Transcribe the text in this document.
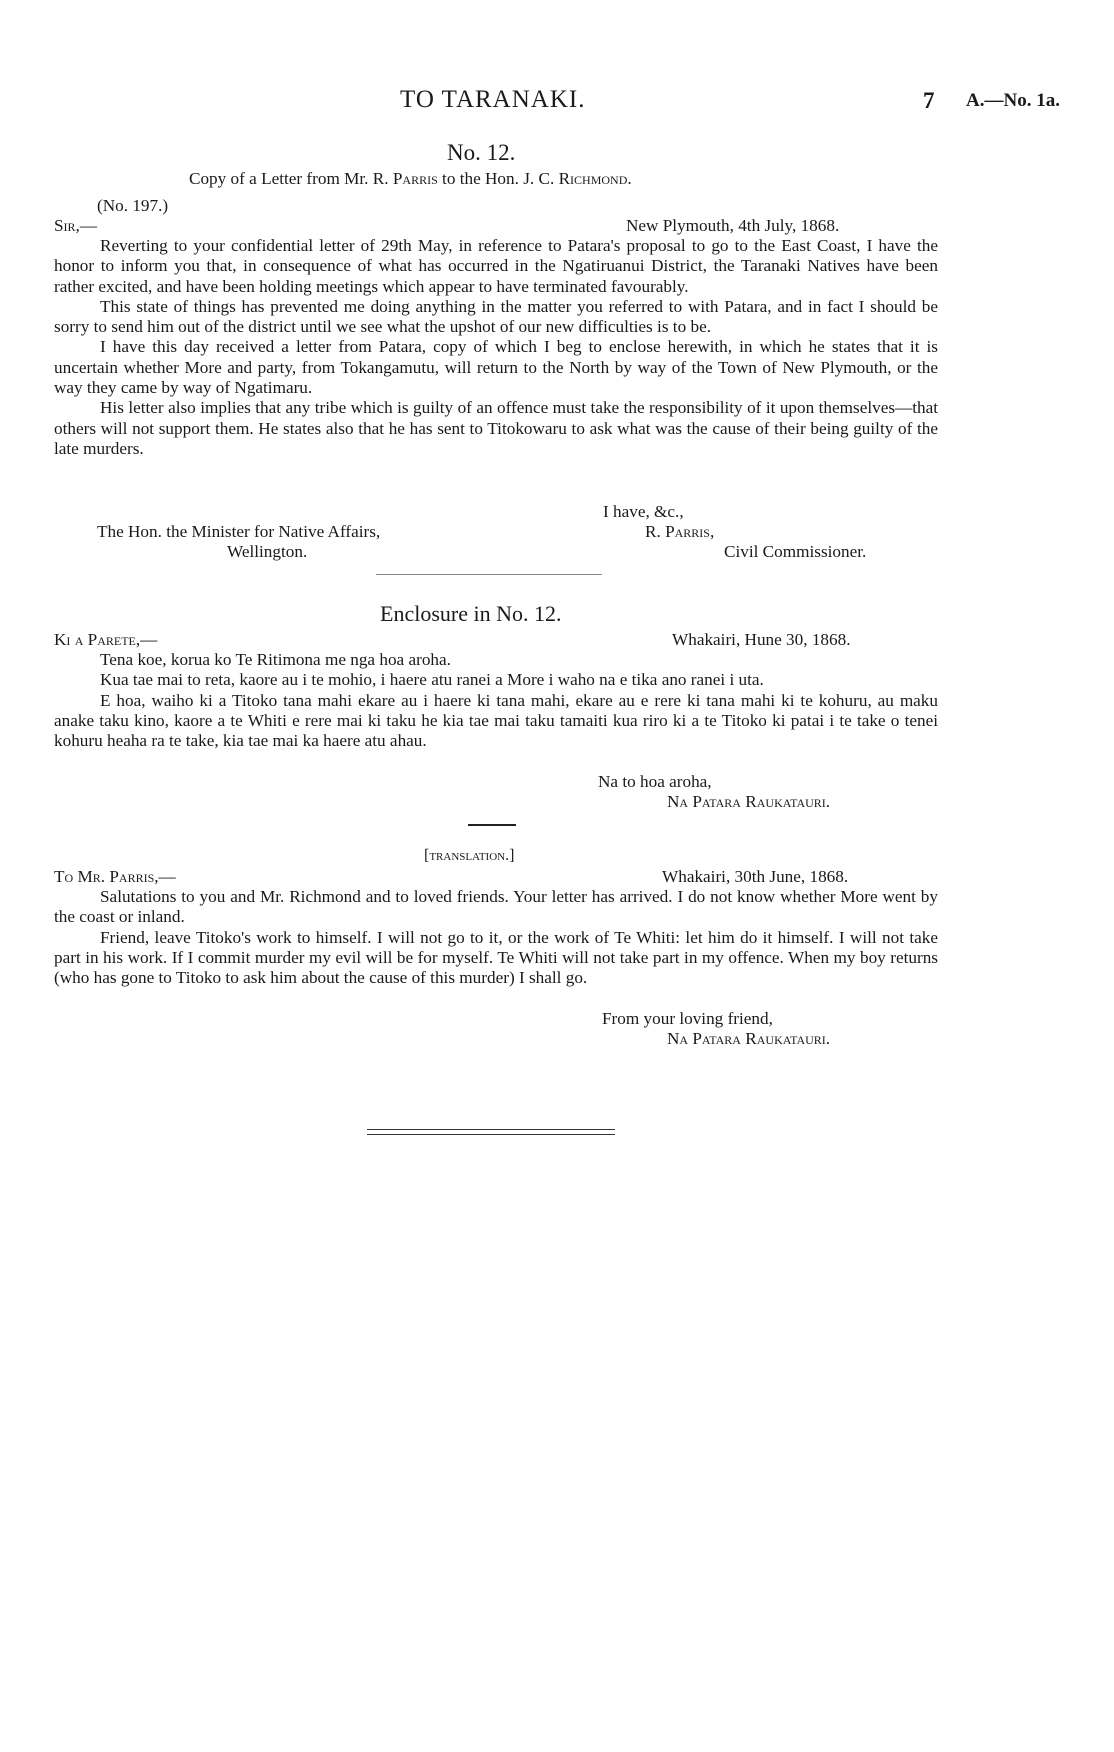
TO TARANAKI.	7 A.—No. 1a.
No. 12.
Copy of a Letter from Mr. R. Parris to the Hon. J. C. Richmond.
(No. 197.)
Sir,—	New Plymouth, 4th July, 1868.

Reverting to your confidential letter of 29th May, in reference to Patara's proposal to go to the East Coast, I have the honor to inform you that, in consequence of what has occurred in the Ngatiruanui District, the Taranaki Natives have been rather excited, and have been holding meetings which appear to have terminated favourably.

This state of things has prevented me doing anything in the matter you referred to with Patara, and in fact I should be sorry to send him out of the district until we see what the upshot of our new difficulties is to be.

I have this day received a letter from Patara, copy of which I beg to enclose herewith, in which he states that it is uncertain whether More and party, from Tokangamutu, will return to the North by way of the Town of New Plymouth, or the way they came by way of Ngatimaru.

His letter also implies that any tribe which is guilty of an offence must take the responsibility of it upon themselves—that others will not support them. He states also that he has sent to Titokowaru to ask what was the cause of their being guilty of the late murders.

I have, &c.,
The Hon. the Minister for Native Affairs,	R. Parris,
Wellington.	Civil Commissioner.
Enclosure in No. 12.
Ki a Parete,—	Whakairi, Hune 30, 1868.

Tena koe, korua ko Te Ritimona me nga hoa aroha.

Kua tae mai to reta, kaore au i te mohio, i haere atu ranei a More i waho na e tika ano ranei i uta.

E hoa, waiho ki a Titoko tana mahi ekare au i haere ki tana mahi, ekare au e rere ki tana mahi ki te kohuru, au maku anake taku kino, kaore a te Whiti e rere mai ki taku he kia tae mai taku tamaiti kua riro ki a te Titoko ki patai i te take o tenei kohuru heaha ra te take, kia tae mai ka haere atu ahau.

Na to hoa aroha,
Na Patara Raukatauri.
[translation.]
To Mr. Parris,—	Whakairi, 30th June, 1868.

Salutations to you and Mr. Richmond and to loved friends. Your letter has arrived. I do not know whether More went by the coast or inland.

Friend, leave Titoko's work to himself. I will not go to it, or the work of Te Whiti: let him do it himself. I will not take part in his work. If I commit murder my evil will be for myself. Te Whiti will not take part in my offence. When my boy returns (who has gone to Titoko to ask him about the cause of this murder) I shall go.

From your loving friend,
Na Patara Raukatauri.
